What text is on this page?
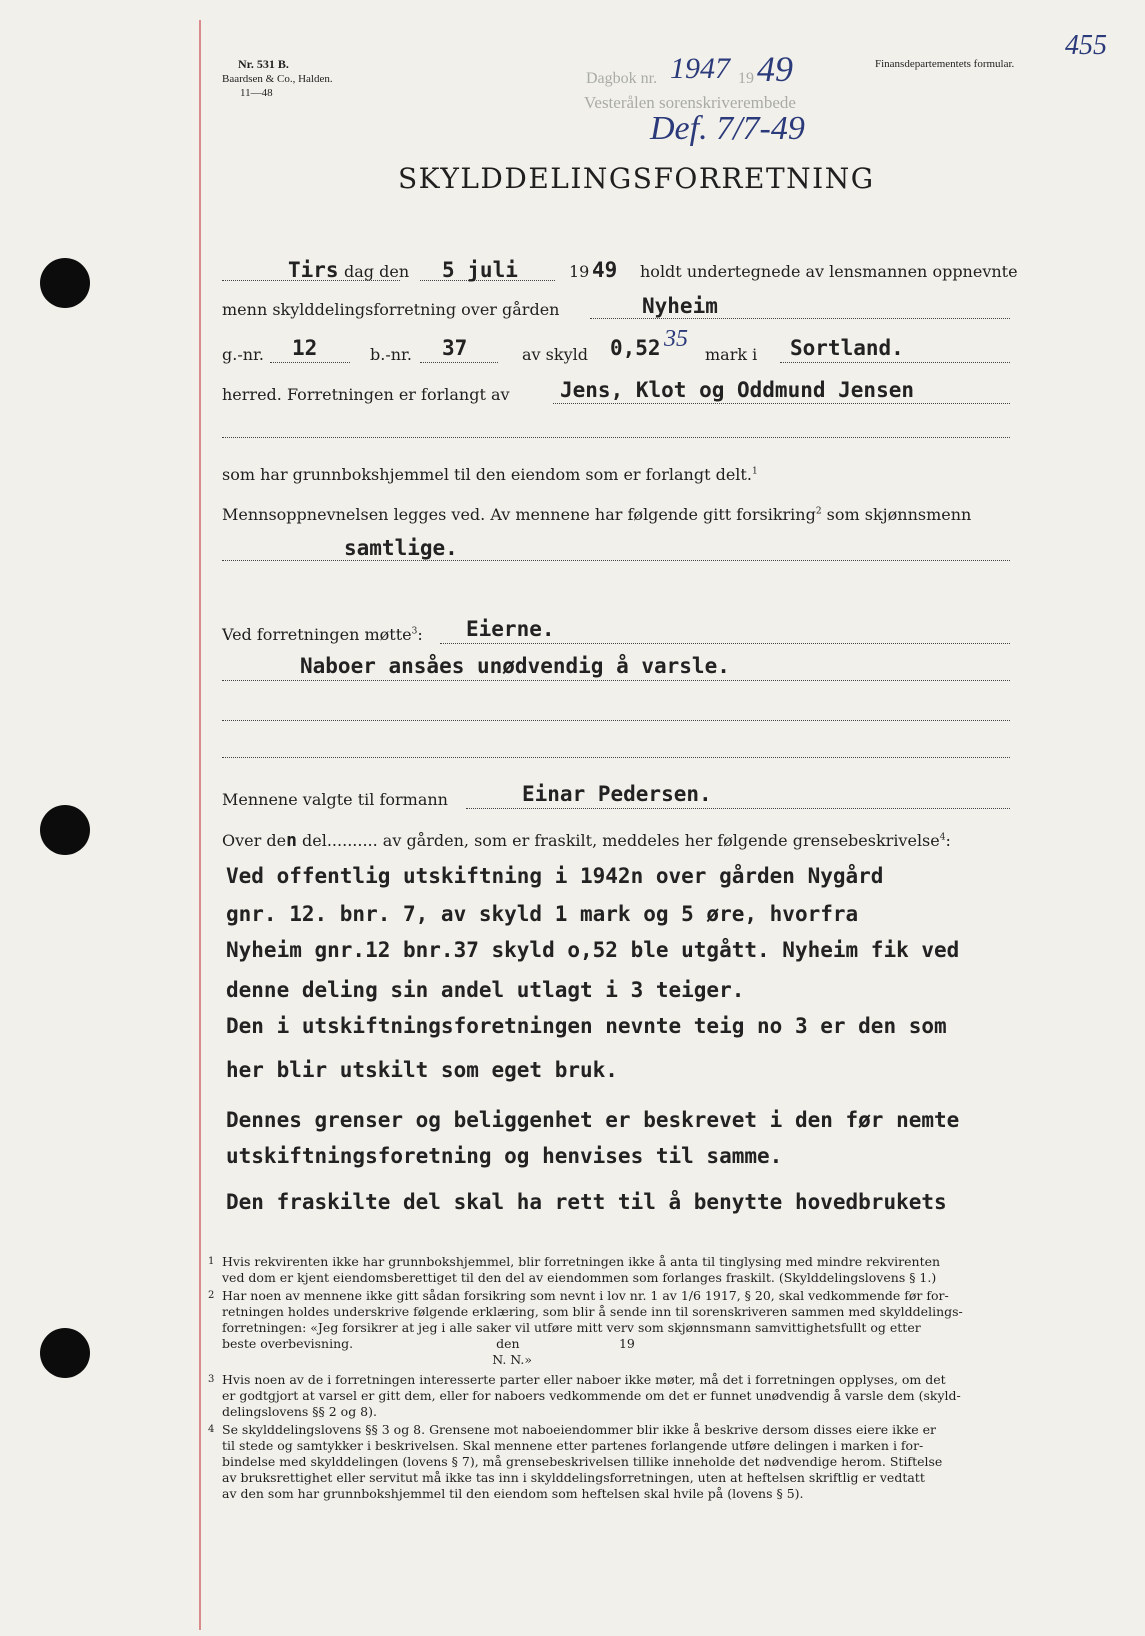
Nr. 531 B.
Baardsen & Co., Halden.
11—48
Dagbok nr. 1947 19 49
Vesterålen sorenskriverembede
Def. 7/7-49
Finansdepartementets formular.
455
SKYLDDELINGSFORRETNING
Tirs dag den 5 juli	19 49 holdt undertegnede av lensmannen oppnevnte
menn skylddelingsforretning over gården	Nyheim
g.-nr. 12	b.-nr. 37	av skyld 0,52 35
mark i Sortland.
herred. Forretningen er forlangt av Jens, Klot og Oddmund Jensen
som har grunnbokshjemmel til den eiendom som er forlangt delt.$^1$
Mennsoppnevnelsen legges ved. Av mennene har følgende gitt forsikring$^2$ som skjønnsmenn
samtlige.
Ved forretningen møtte$^3$: Eierne.
Naboer ansåes unødvendig å varsle.
Mennene valgte til formann	Einar Pedersen.
Over den del.......... av gården, som er fraskilt, meddeles her følgende grensebeskrivelse$^4$:
Ved offentlig utskiftning i 1942n over gården Nygård
gnr. 12. bnr. 7, av skyld 1 mark og 5 øre, hvorfra
Nyheim gnr.12 bnr.37 skyld o,52 ble utgått. Nyheim fik ved
denne deling sin andel utlagt i 3 teiger.
Den i utskiftningsforetningen nevnte teig no 3 er den som
her blir utskilt som eget bruk.
Dennes grenser og beliggenhet er beskrevet i den før nemte
utskiftningsforetning og henvises til samme.
Den fraskilte del skal ha rett til å benytte hovedbrukets
1 Hvis rekvirenten ikke har grunnbokshjemmel, blir forretningen ikke å anta til tinglysing med mindre rekvirenten
ved dom er kjent eiendomsberettiget til den del av eiendommen som forlanges fraskilt. (Skylddelingslovens § 1.)
2 Har noen av mennene ikke gitt sådan forsikring som nevnt i lov nr. 1 av 1/6 1917, § 20, skal vedkommende før for-
retningen holdes underskrive følgende erklæring, som blir å sende inn til sorenskriveren sammen med skylddelings-
forretningen: «Jeg forsikrer at jeg i alle saker vil utføre mitt verv som skjønnsmann samvittighetsfullt og etter
beste overbevisning.                                    den                         19
N. N.»
3 Hvis noen av de i forretningen interesserte parter eller naboer ikke møter, må det i forretningen opplyses, om det
er godtgjort at varsel er gitt dem, eller for naboers vedkommende om det er funnet unødvendig å varsle dem (skyld-
delingslovens §§ 2 og 8).
4 Se skylddelingslovens §§ 3 og 8. Grensene mot naboeiendommer blir ikke å beskrive dersom disses eiere ikke er
til stede og samtykker i beskrivelsen. Skal mennene etter partenes forlangende utføre delingen i marken i for-
bindelse med skylddelingen (lovens § 7), må grensebeskrivelsen tillike inneholde det nødvendige herom. Stiftelse
av bruksrettighet eller servitut må ikke tas inn i skylddelingsforretningen, uten at heftelsen skriftlig er vedtatt
av den som har grunnbokshjemmel til den eiendom som heftelsen skal hvile på (lovens § 5).
